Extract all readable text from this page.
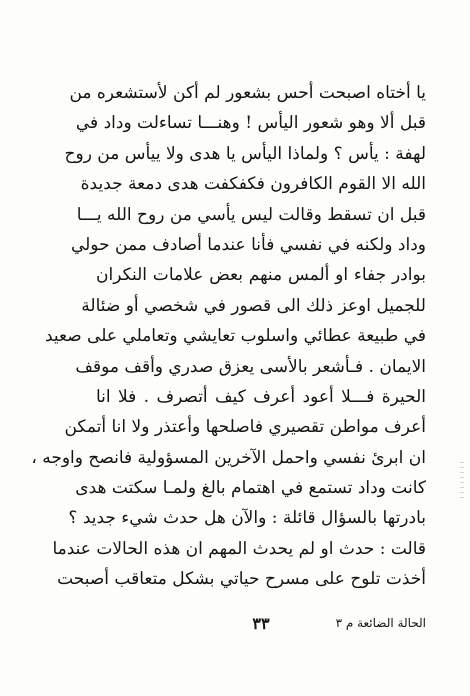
يا أختاه اصبحت أحس بشعور لم أكن لأستشعره من
قبل ألا وهو شعور اليأس ! وهنـــا تساءلت وداد في
لهفة : يأس ؟ ولماذا اليأس يا هدى ولا ييأس من روح
الله الا القوم الكافرون فكفكفت هدى دمعة جديدة
قبل ان تسقط وقالت ليس يأسي من روح الله يـــا
وداد ولكنه في نفسي فأنا عندما أصادف ممن حولي
بوادر جفاء او ألمس منهم بعض علامات النكران
للجميل اوعز ذلك الى قصور في شخصي أو ضئالة
في طبيعة عطائي واسلوب تعايشي وتعاملي على صعيد
الايمان . فـأشعر بالأسى يعزق صدري وأقف موقف
الحيرة فـــلا أعود أعرف كيف أتصرف . فلا انا
أعرف مواطن تقصيري فاصلحها وأعتذر ولا انا أتمكن
ان ابرئ نفسي واحمل الآخرين المسؤولية فانصح واوجه ،
كانت وداد تستمع في اهتمام بالغ ولمـا سكتت هدى
بادرتها بالسؤال قائلة : والآن هل حدث شيء جديد ؟
قالت : حدث او لم يحدث المهم ان هذه الحالات عندما
أخذت تلوح على مسرح حياتي بشكل متعاقب أصبحت
الحالة الضائعة م ٣
٣٣
